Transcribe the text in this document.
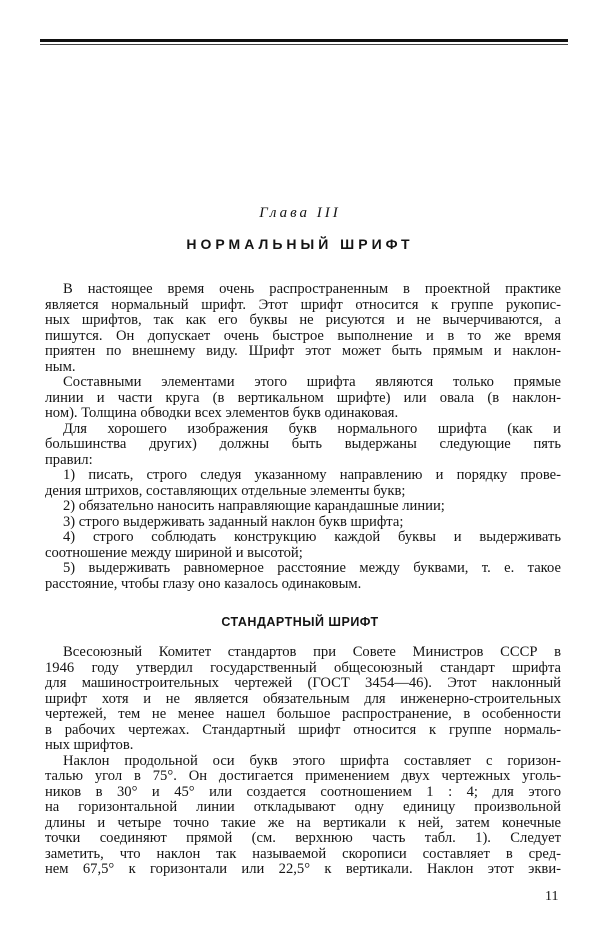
Глава III
НОРМАЛЬНЫЙ ШРИФТ
В настоящее время очень распространенным в проектной практике
является нормальный шрифт. Этот шрифт относится к группе рукопис-
ных шрифтов, так как его буквы не рисуются и не вычерчиваются, а
пишутся. Он допускает очень быстрое выполнение и в то же время
приятен по внешнему виду. Шрифт этот может быть прямым и наклон-
ным.
Составными элементами этого шрифта являются только прямые
линии и части круга (в вертикальном шрифте) или овала (в наклон-
ном). Толщина обводки всех элементов букв одинаковая.
Для хорошего изображения букв нормального шрифта (как и
большинства других) должны быть выдержаны следующие пять
правил:
1) писать, строго следуя указанному направлению и порядку прове-
дения штрихов, составляющих отдельные элементы букв;
2) обязательно наносить направляющие карандашные линии;
3) строго выдерживать заданный наклон букв шрифта;
4) строго соблюдать конструкцию каждой буквы и выдерживать
соотношение между шириной и высотой;
5) выдерживать равномерное расстояние между буквами, т. е. такое
расстояние, чтобы глазу оно казалось одинаковым.
СТАНДАРТНЫЙ ШРИФТ
Всесоюзный Комитет стандартов при Совете Министров СССР в
1946 году утвердил государственный общесоюзный стандарт шрифта
для машиностроительных чертежей (ГОСТ 3454—46). Этот наклонный
шрифт хотя и не является обязательным для инженерно-строительных
чертежей, тем не менее нашел большое распространение, в особенности
в рабочих чертежах. Стандартный шрифт относится к группе нормаль-
ных шрифтов.
Наклон продольной оси букв этого шрифта составляет с горизон-
талью угол в 75°. Он достигается применением двух чертежных уголь-
ников в 30° и 45° или создается соотношением 1 : 4; для этого
на горизонтальной линии откладывают одну единицу произвольной
длины и четыре точно такие же на вертикали к ней, затем конечные
точки соединяют прямой (см. верхнюю часть табл. 1). Следует
заметить, что наклон так называемой скорописи составляет в сред-
нем 67,5° к горизонтали или 22,5° к вертикали. Наклон этот экви-
11
